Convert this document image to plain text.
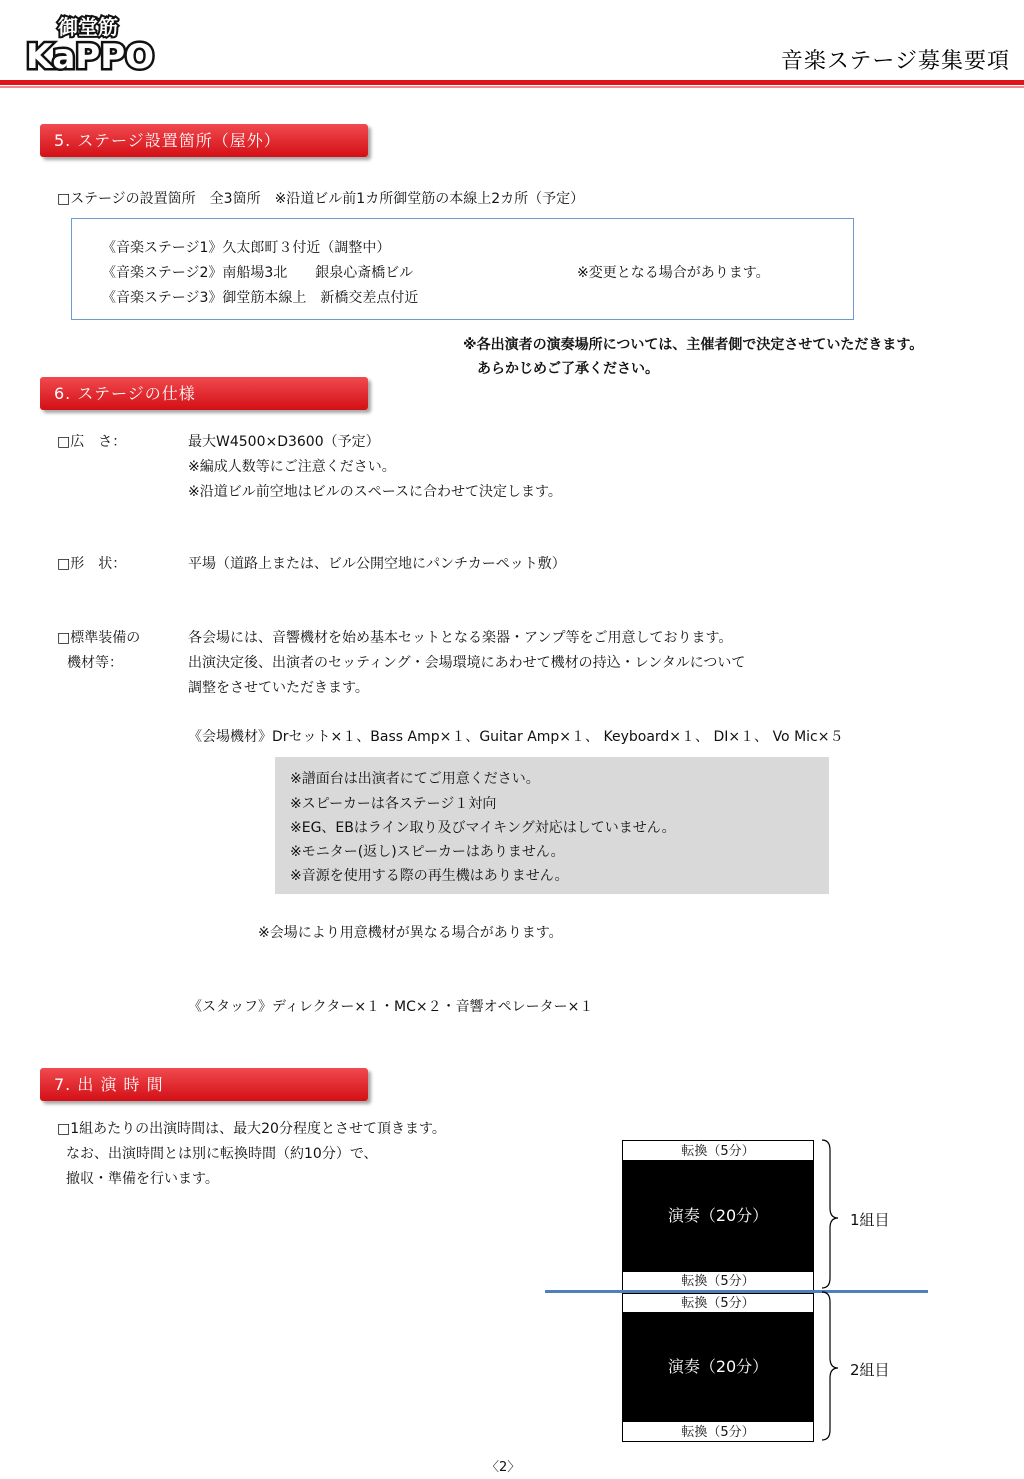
御堂筋
KaPPO	音楽ステージ募集要項
5. ステージ設置箇所（屋外）
□ステージの設置箇所　全3箇所　※沿道ビル前1カ所御堂筋の本線上2カ所（予定）
《音楽ステージ1》久太郎町３付近（調整中）
《音楽ステージ2》南船場3北　　銀泉心斎橋ビル
《音楽ステージ3》御堂筋本線上　新橋交差点付近
※変更となる場合があります。
※各出演者の演奏場所については、主催者側で決定させていただきます。
あらかじめご了承ください。
6. ステージの仕様
□広　さ：	最大W4500×D3600（予定）
※編成人数等にご注意ください。
※沿道ビル前空地はビルのスペースに合わせて決定します。
□形　状：	平場（道路上または、ビル公開空地にパンチカーペット敷）
□標準装備の
機材等：
各会場には、音響機材を始め基本セットとなる楽器・アンプ等をご用意しております。
出演決定後、出演者のセッティング・会場環境にあわせて機材の持込・レンタルについて
調整をさせていただきます。
《会場機材》Drセット×１、Bass Amp×１、Guitar Amp×１、 Keyboard×１、 DI×１、 Vo Mic×５
※譜面台は出演者にてご用意ください。
※スピーカーは各ステージ１対向
※EG、EBはライン取り及びマイキング対応はしていません。
※モニター(返し)スピーカーはありません。
※音源を使用する際の再生機はありません。
※会場により用意機材が異なる場合があります。
《スタッフ》ディレクター×１・MC×２・音響オペレーター×１
7. 出 演 時 間
□1組あたりの出演時間は、最大20分程度とさせて頂きます。
なお、出演時間とは別に転換時間（約10分）で、
撤収・準備を行います。
転換（5分）
演奏（20分）
転換（5分）
転換（5分）
演奏（20分）
転換（5分）
1組目
2組目
〈2〉
